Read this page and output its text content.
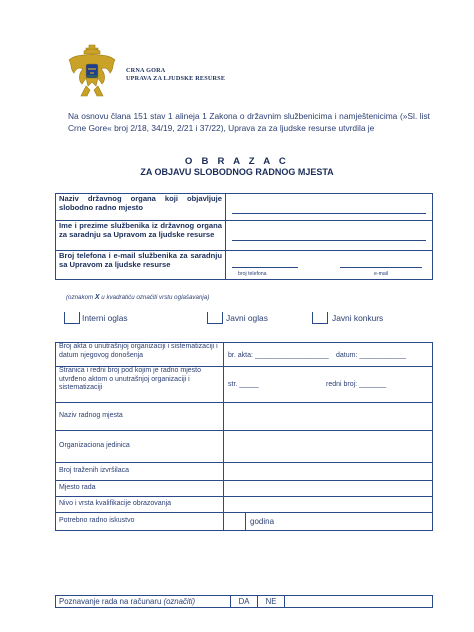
CRNA GORA
UPRAVA ZA LJUDSKE RESURSE
Na osnovu člana 151 stav 1 alineja 1 Zakona o državnim službenicima i namještenicima (»Sl. list Crne Gore« broj 2/18, 34/19, 2/21 i 37/22), Uprava za za ljudske resurse utvrdila je
O B R A Z A C
ZA OBJAVU SLOBODNOG RADNOG MJESTA
Naziv državnog organa koji objavljuje slobodno radno mjesto	

Ime i prezime službenika iz državnog organa za saradnju sa Upravom za ljudske resurse	

Broj telefona i e-mail službenika za saradnju sa Upravom za ljudske resurse	broj telefona e-mail
(oznakom X u kvadratiću označiti vrstu oglašavanja)
Interni oglas	Javni oglas	Javni konkurs
Broj akta o unutrašnjoj organizaciji i sistematizaciji i datum njegovog donošenja	br. akta: ___________________ datum: ____________

Stranica i redni broj pod kojim je radno mjesto utvrđeno aktom o unutrašnjoj organizaciji i sistematizaciji	str. _____ redni broj: _______

Naziv radnog mjesta	
Organizaciona jedinica	
Broj traženih izvršilaca	
Mjesto rada	
Nivo i vrsta kvalifikacije obrazovanja	
Potrebno radno iskustvo	godina
Poznavanje rada na računaru (označiti)	DA	NE	
